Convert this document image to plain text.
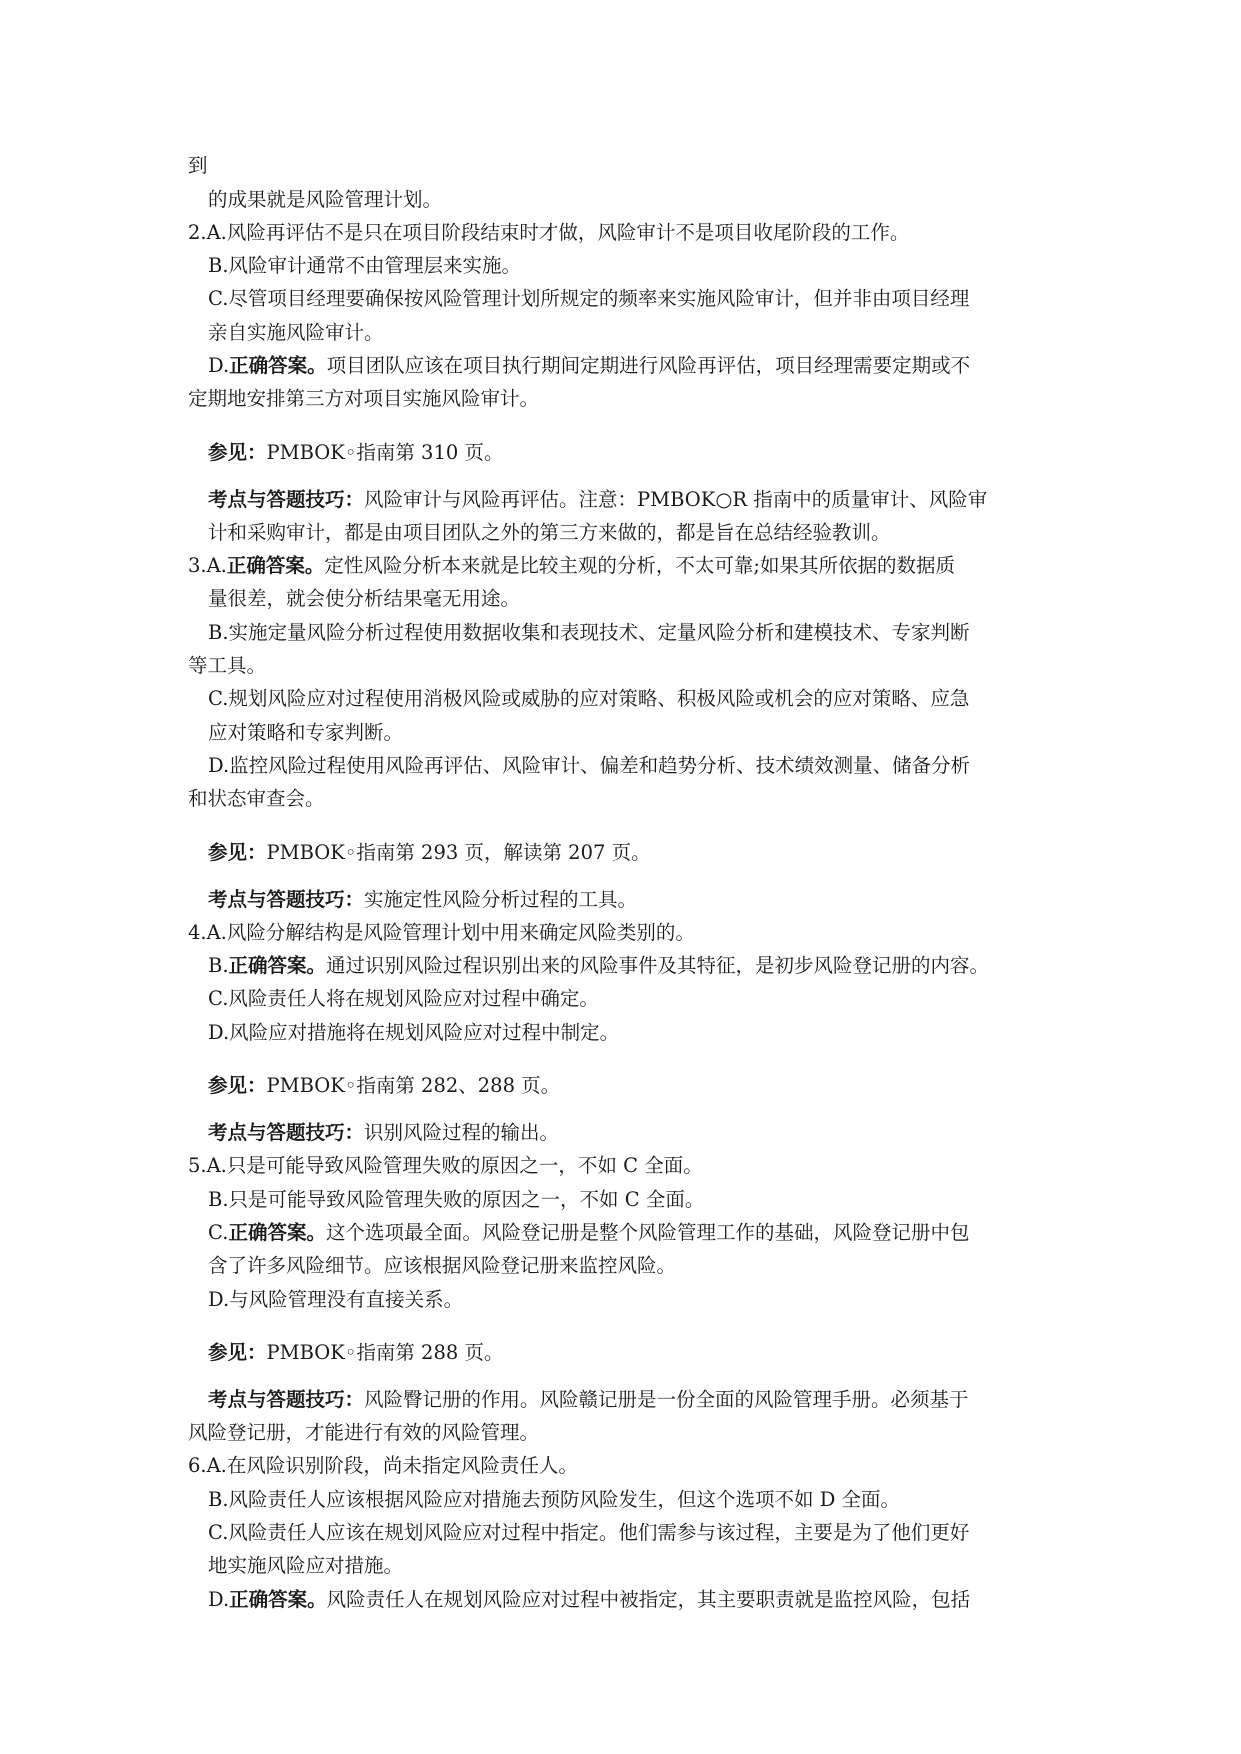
到
的成果就是风险管理计划。
2.A.风险再评估不是只在项目阶段结束时才做，风险审计不是项目收尾阶段的工作。
B.风险审计通常不由管理层来实施。
C.尽管项目经理要确保按风险管理计划所规定的频率来实施风险审计，但并非由项目经理
亲自实施风险审计。
D.正确答案。项目团队应该在项目执行期间定期进行风险再评估，项目经理需要定期或不
定期地安排第三方对项目实施风险审计。
参见：PMBOK◦指南第 310 页。
考点与答题技巧：风险审计与风险再评估。注意：PMBOK○R 指南中的质量审计、风险审
计和采购审计，都是由项目团队之外的第三方来做的，都是旨在总结经验教训。
3.A.正确答案。定性风险分析本来就是比较主观的分析，不太可靠;如果其所依据的数据质
量很差，就会使分析结果毫无用途。
B.实施定量风险分析过程使用数据收集和表现技术、定量风险分析和建模技术、专家判断
等工具。
C.规划风险应对过程使用消极风险或威胁的应对策略、积极风险或机会的应对策略、应急
应对策略和专家判断。
D.监控风险过程使用风险再评估、风险审计、偏差和趋势分析、技术绩效测量、储备分析
和状态审查会。
参见：PMBOK◦指南第 293 页，解读第 207 页。
考点与答题技巧：实施定性风险分析过程的工具。
4.A.风险分解结构是风险管理计划中用来确定风险类别的。
B.正确答案。通过识别风险过程识别出来的风险事件及其特征，是初步风险登记册的内容。
C.风险责任人将在规划风险应对过程中确定。
D.风险应对措施将在规划风险应对过程中制定。
参见：PMBOK◦指南第 282、288 页。
考点与答题技巧：识别风险过程的输出。
5.A.只是可能导致风险管理失败的原因之一，不如 C 全面。
B.只是可能导致风险管理失败的原因之一，不如 C 全面。
C.正确答案。这个选项最全面。风险登记册是整个风险管理工作的基础，风险登记册中包
含了许多风险细节。应该根据风险登记册来监控风险。
D.与风险管理没有直接关系。
参见：PMBOK◦指南第 288 页。
考点与答题技巧：风险臀记册的作用。风险赣记册是一份全面的风险管理手册。必须基于
风险登记册，才能进行有效的风险管理。
6.A.在风险识别阶段，尚未指定风险责任人。
B.风险责任人应该根据风险应对措施去预防风险发生，但这个选项不如 D 全面。
C.风险责任人应该在规划风险应对过程中指定。他们需参与该过程，主要是为了他们更好
地实施风险应对措施。
D.正确答案。风险责任人在规划风险应对过程中被指定，其主要职责就是监控风险，包括
